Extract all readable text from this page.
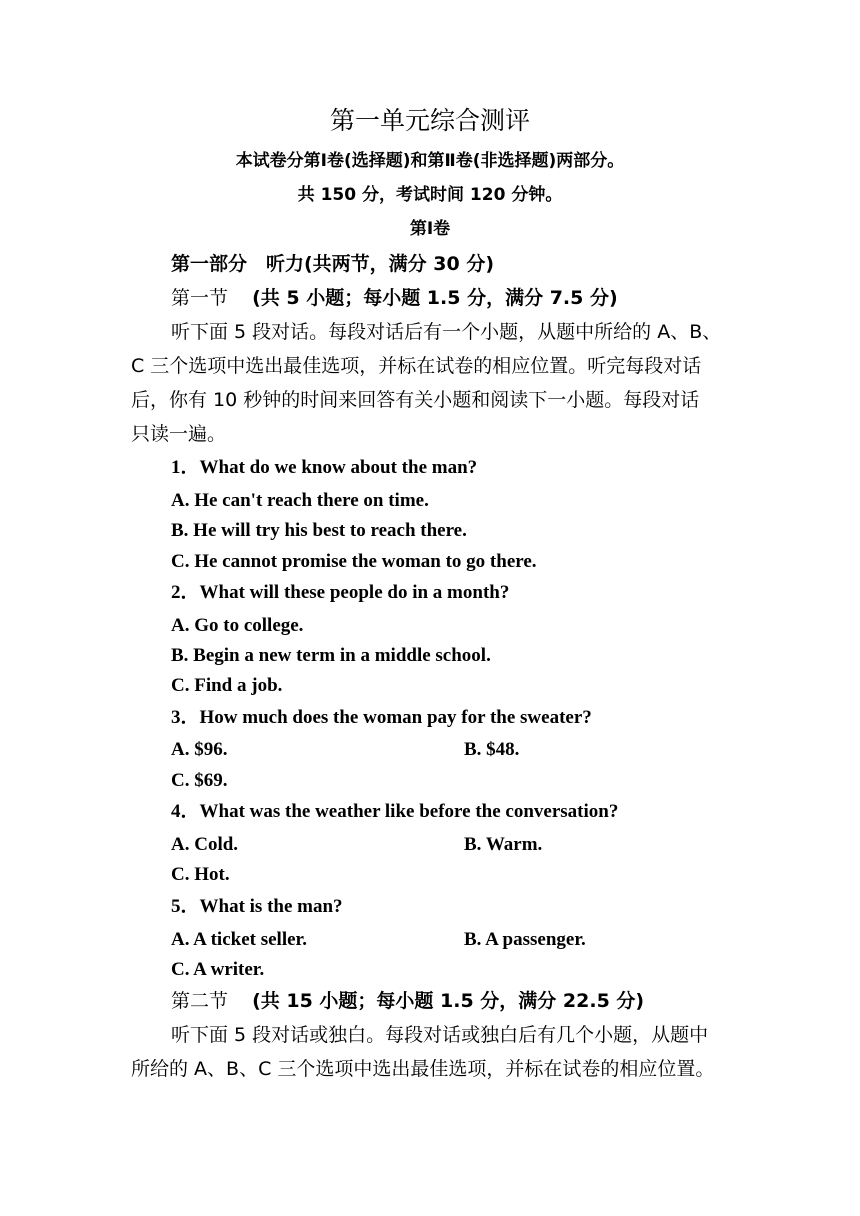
第一单元综合测评
本试卷分第Ⅰ卷(选择题)和第Ⅱ卷(非选择题)两部分。
共 150 分，考试时间 120 分钟。
第Ⅰ卷
第一部分　听力(共两节，满分 30 分)
第一节 (共 5 小题；每小题 1.5 分，满分 7.5 分)
听下面 5 段对话。每段对话后有一个小题，从题中所给的 A、B、
C 三个选项中选出最佳选项，并标在试卷的相应位置。听完每段对话
后，你有 10 秒钟的时间来回答有关小题和阅读下一小题。每段对话
只读一遍。
1．What do we know about the man?
A. He can't reach there on time.
B. He will try his best to reach there.
C. He cannot promise the woman to go there.
2．What will these people do in a month?
A. Go to college.
B. Begin a new term in a middle school.
C. Find a job.
3．How much does the woman pay for the sweater?
A. $96.	B. $48.
C. $69.
4．What was the weather like before the conversation?
A. Cold.	B. Warm.
C. Hot.
5．What is the man?
A. A ticket seller.	B. A passenger.
C. A writer.
第二节 (共 15 小题；每小题 1.5 分，满分 22.5 分)
听下面 5 段对话或独白。每段对话或独白后有几个小题，从题中
所给的 A、B、C 三个选项中选出最佳选项，并标在试卷的相应位置。
